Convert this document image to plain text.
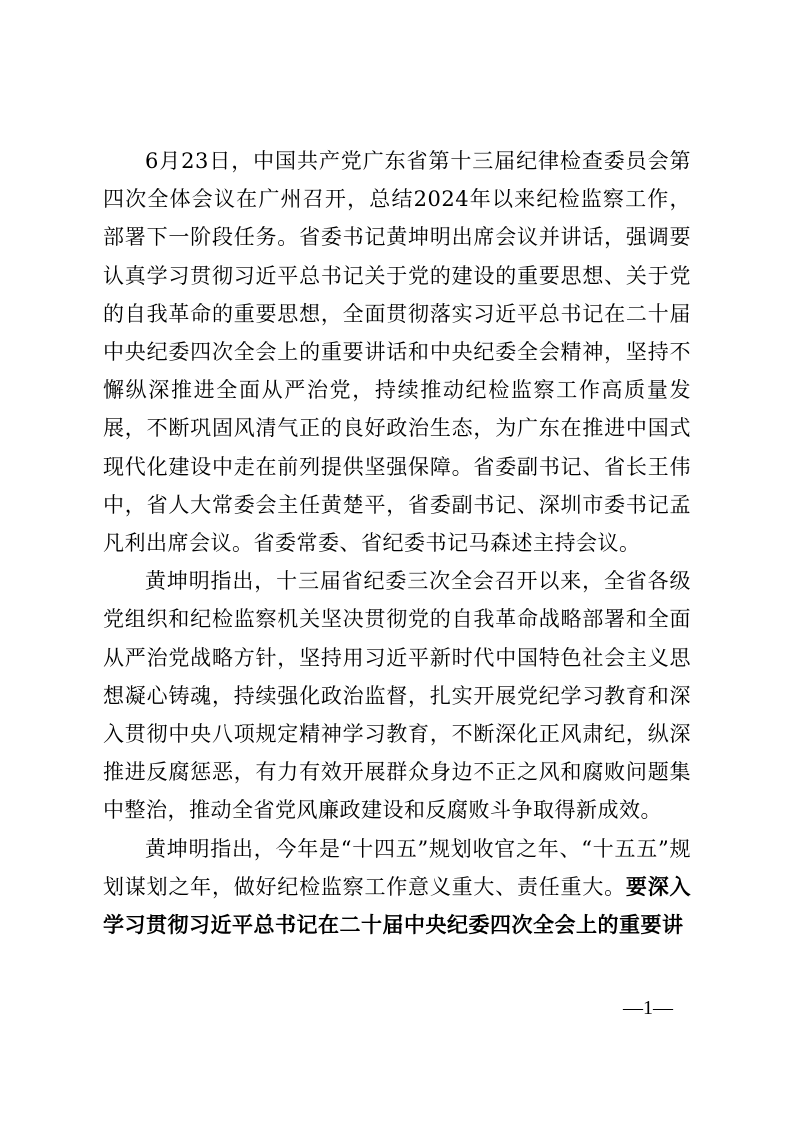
6月23日，中国共产党广东省第十三届纪律检查委员会第四次全体会议在广州召开，总结2024年以来纪检监察工作，部署下一阶段任务。省委书记黄坤明出席会议并讲话，强调要认真学习贯彻习近平总书记关于党的建设的重要思想、关于党的自我革命的重要思想，全面贯彻落实习近平总书记在二十届中央纪委四次全会上的重要讲话和中央纪委全会精神，坚持不懈纵深推进全面从严治党，持续推动纪检监察工作高质量发展，不断巩固风清气正的良好政治生态，为广东在推进中国式现代化建设中走在前列提供坚强保障。省委副书记、省长王伟中，省人大常委会主任黄楚平，省委副书记、深圳市委书记孟凡利出席会议。省委常委、省纪委书记马森述主持会议。

黄坤明指出，十三届省纪委三次全会召开以来，全省各级党组织和纪检监察机关坚决贯彻党的自我革命战略部署和全面从严治党战略方针，坚持用习近平新时代中国特色社会主义思想凝心铸魂，持续强化政治监督，扎实开展党纪学习教育和深入贯彻中央八项规定精神学习教育，不断深化正风肃纪，纵深推进反腐惩恶，有力有效开展群众身边不正之风和腐败问题集中整治，推动全省党风廉政建设和反腐败斗争取得新成效。

黄坤明指出，今年是“十四五”规划收官之年、“十五五”规划谋划之年，做好纪检监察工作意义重大、责任重大。要深入学习贯彻习近平总书记在二十届中央纪委四次全会上的重要讲

—1—
